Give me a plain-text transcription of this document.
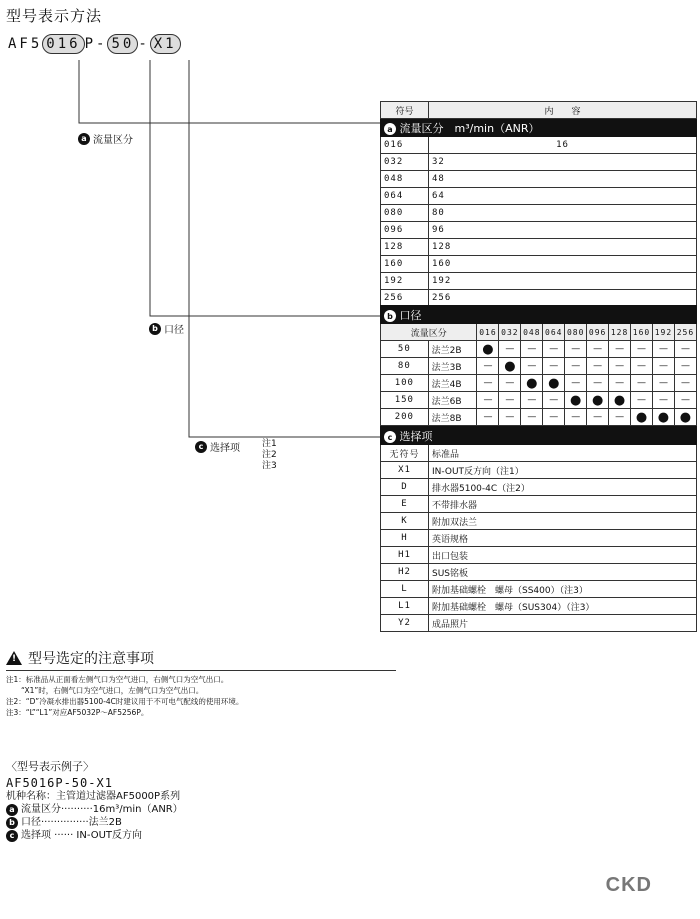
型号表示方法
AF5 016 P- 50 - X1
a 流量区分
b 口径
c 选择项 注1
注2
注3
符号	内　　容
a 流量区分　m³/min（ANR）	
016	16
032	32
048	48
064	64
080	80
096	96
128	128
160	160
192	192
256	256
b 口径											
流量区分		016	032	048	064	080	096	128	160	192	256
50	法兰2B	●	—	—	—	—	—	—	—	—	—
80	法兰3B	—	●	—	—	—	—	—	—	—	—
100	法兰4B	—	—	●	●	—	—	—	—	—	—
150	法兰6B	—	—	—	—	●	●	●	—	—	—
200	法兰8B	—	—	—	—	—	—	—	●	●	●
c 选择项	
无符号	标准品
X1	IN-OUT反方向（注1）
D	排水器5100-4C（注2）
E	不带排水器
K	附加双法兰
H	英语规格
H1	出口包装
H2	SUS铭板
L	附加基础螺栓　螺母（SS400）（注3）
L1	附加基础螺栓　螺母（SUS304）（注3）
Y2	成品照片
! 型号选定的注意事项
注1：标准品从正面看左侧气口为空气进口，右侧气口为空气出口。
　　“X1”时，右侧气口为空气进口，左侧气口为空气出口。
注2：“D”冷凝水排出器5100-4C时建议用于不可电气配线的使用环境。
注3：“L”“L1”对应AF5032P～AF5256P。
〈型号表示例子〉
AF5016P-50-X1
机种名称：主管道过滤器AF5000P系列
a 流量区分··········16m³/min（ANR）
b 口径···············法兰2B
c 选择项 ······ IN-OUT反方向
CKD
